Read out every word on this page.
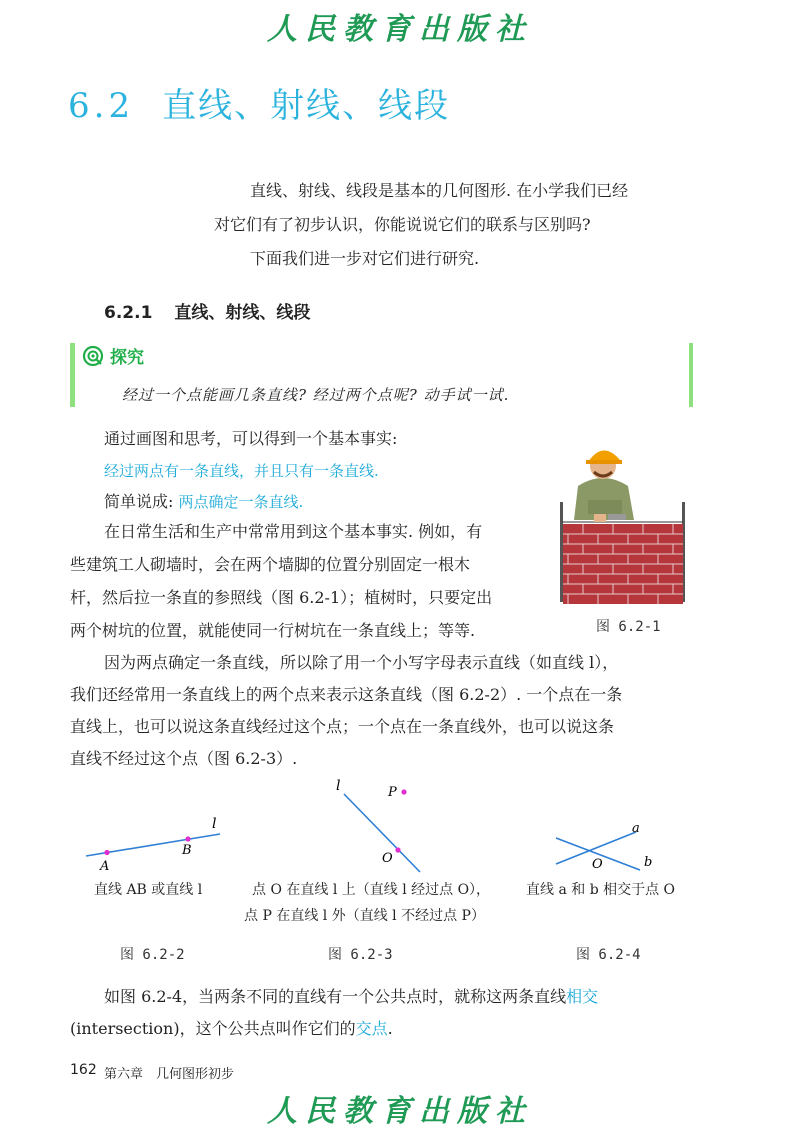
人民教育出版社
6.2 直线、射线、线段

直线、射线、线段是基本的几何图形. 在小学我们已经

对它们有了初步认识，你能说说它们的联系与区别吗?

下面我们进一步对它们进行研究.

6.2.1 直线、射线、线段
探究

经过一个点能画几条直线? 经过两个点呢? 动手试一试.

通过画图和思考，可以得到一个基本事实:

经过两点有一条直线，并且只有一条直线.

简单说成: 两点确定一条直线.

在日常生活和生产中常常用到这个基本事实. 例如，有

些建筑工人砌墙时，会在两个墙脚的位置分别固定一根木

杆，然后拉一条直的参照线（图 6.2-1）；植树时，只要定出

两个树坑的位置，就能使同一行树坑在一条直线上；等等.	图 6.2-1

因为两点确定一条直线，所以除了用一个小写字母表示直线（如直线 l），

我们还经常用一条直线上的两个点来表示这条直线（图 6.2-2）. 一个点在一条

直线上，也可以说这条直线经过这个点；一个点在一条直线外，也可以说这条

直线不经过这个点（图 6.2-3）.

l
A
B
直线 AB 或直线 l
图 6.2-2
l	P
O
点 O 在直线 l 上（直线 l 经过点 O），
点 P 在直线 l 外（直线 l 不经过点 P）
图 6.2-3
a
b
O
直线 a 和 b 相交于点 O
图 6.2-4

如图 6.2-4，当两条不同的直线有一个公共点时，就称这两条直线相交

(intersection)，这个公共点叫作它们的交点.

162 第六章　几何图形初步
人民教育出版社
